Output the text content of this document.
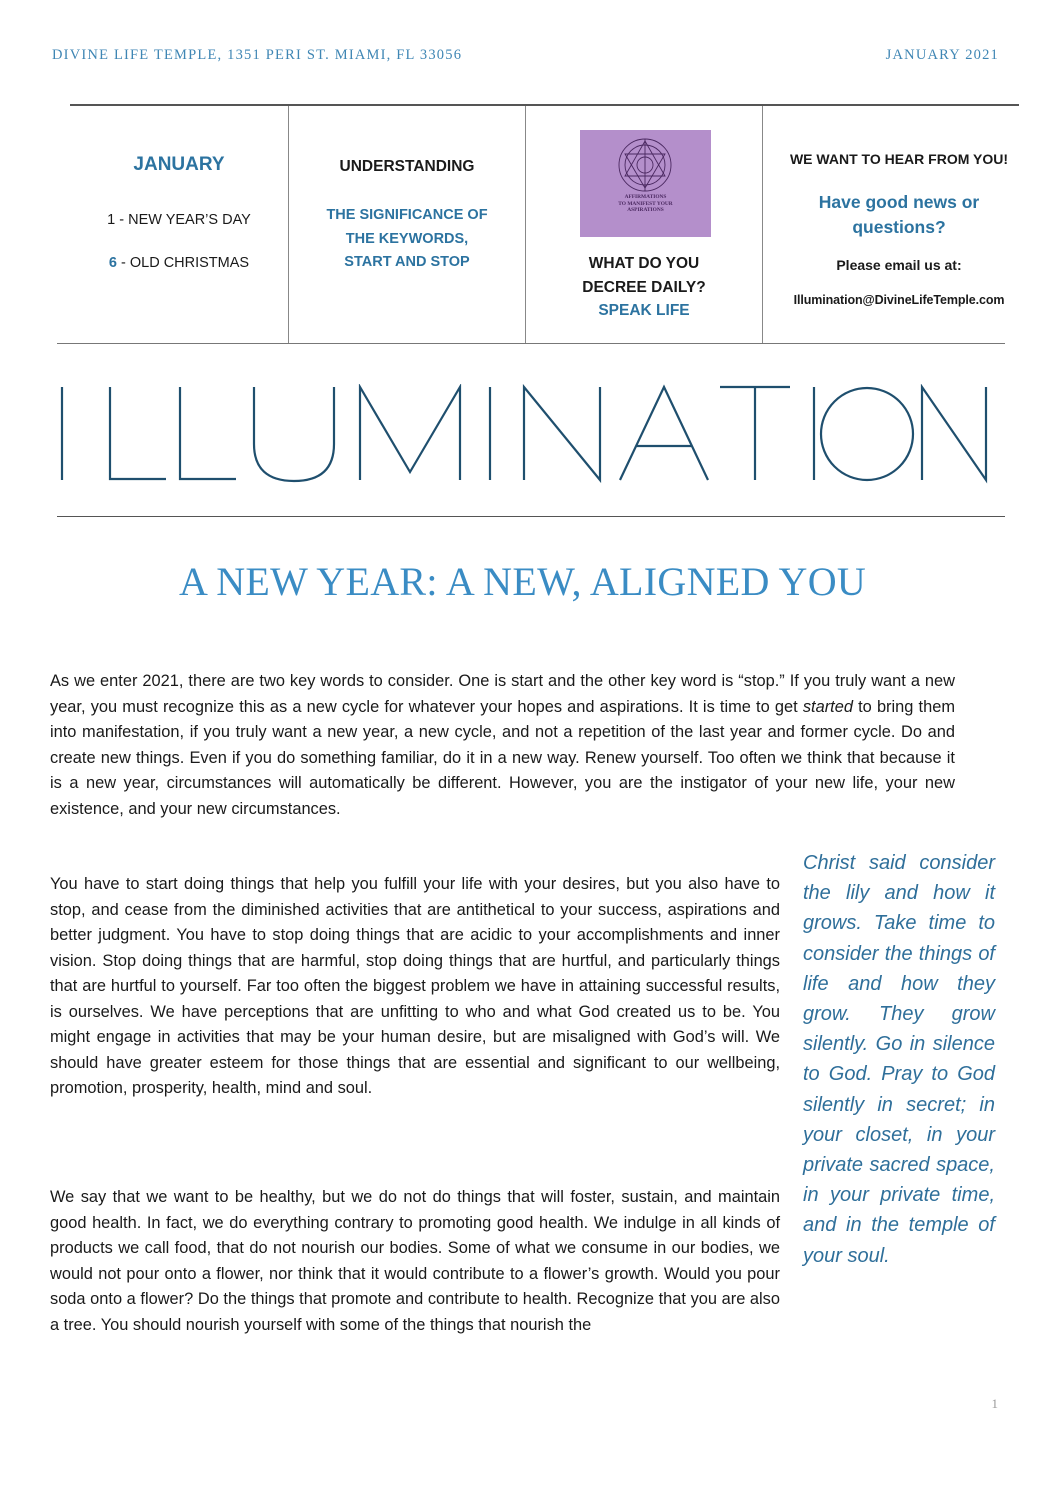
DIVINE LIFE TEMPLE, 1351 PERI ST. MIAMI, FL 33056	JANUARY 2021
JANUARY
1 - NEW YEAR’S DAY
6 - OLD CHRISTMAS
UNDERSTANDING
THE SIGNIFICANCE OF
THE KEYWORDS,
START AND STOP
AFFIRMATIONS
TO MANIFEST YOUR
ASPIRATIONS
WHAT DO YOU
DECREE DAILY?
SPEAK LIFE
WE WANT TO HEAR FROM YOU!
Have good news or
questions?
Please email us at:
Illumination@DivineLifeTemple.com
A NEW YEAR: A NEW, ALIGNED YOU
As we enter 2021, there are two key words to consider. One is start and the other key word is “stop.” If you truly want a new year, you must recognize this as a new cycle for whatever your hopes and aspirations. It is time to get started to bring them into manifestation, if you truly want a new year, a new cycle, and not a repetition of the last year and former cycle. Do and create new things. Even if you do something familiar, do it in a new way. Renew yourself. Too often we think that because it is a new year, circumstances will automatically be different. However, you are the instigator of your new life, your new existence, and your new circumstances.
You have to start doing things that help you fulfill your life with your desires, but you also have to stop, and cease from the diminished activities that are antithetical to your success, aspirations and better judgment. You have to stop doing things that are acidic to your accomplishments and inner vision. Stop doing things that are harmful, stop doing things that are hurtful, and particularly things that are hurtful to yourself. Far too often the biggest problem we have in attaining successful results, is ourselves. We have perceptions that are unfitting to who and what God created us to be. You might engage in activities that may be your human desire, but are misaligned with God’s will. We should have greater esteem for those things that are essential and significant to our wellbeing, promotion, prosperity, health, mind and soul.
We say that we want to be healthy, but we do not do things that will foster, sustain, and maintain good health. In fact, we do everything contrary to promoting good health. We indulge in all kinds of products we call food, that do not nourish our bodies. Some of what we consume in our bodies, we would not pour onto a flower, nor think that it would contribute to a flower’s growth. Would you pour soda onto a flower? Do the things that promote and contribute to health. Recognize that you are also a tree. You should nourish yourself with some of the things that nourish the
Christ said consider the lily and how it grows. Take time to consider the things of life and how they grow. They grow silently. Go in silence to God. Pray to God silently in secret; in your closet, in your private sacred space, in your private time, and in the temple of your soul.
1
